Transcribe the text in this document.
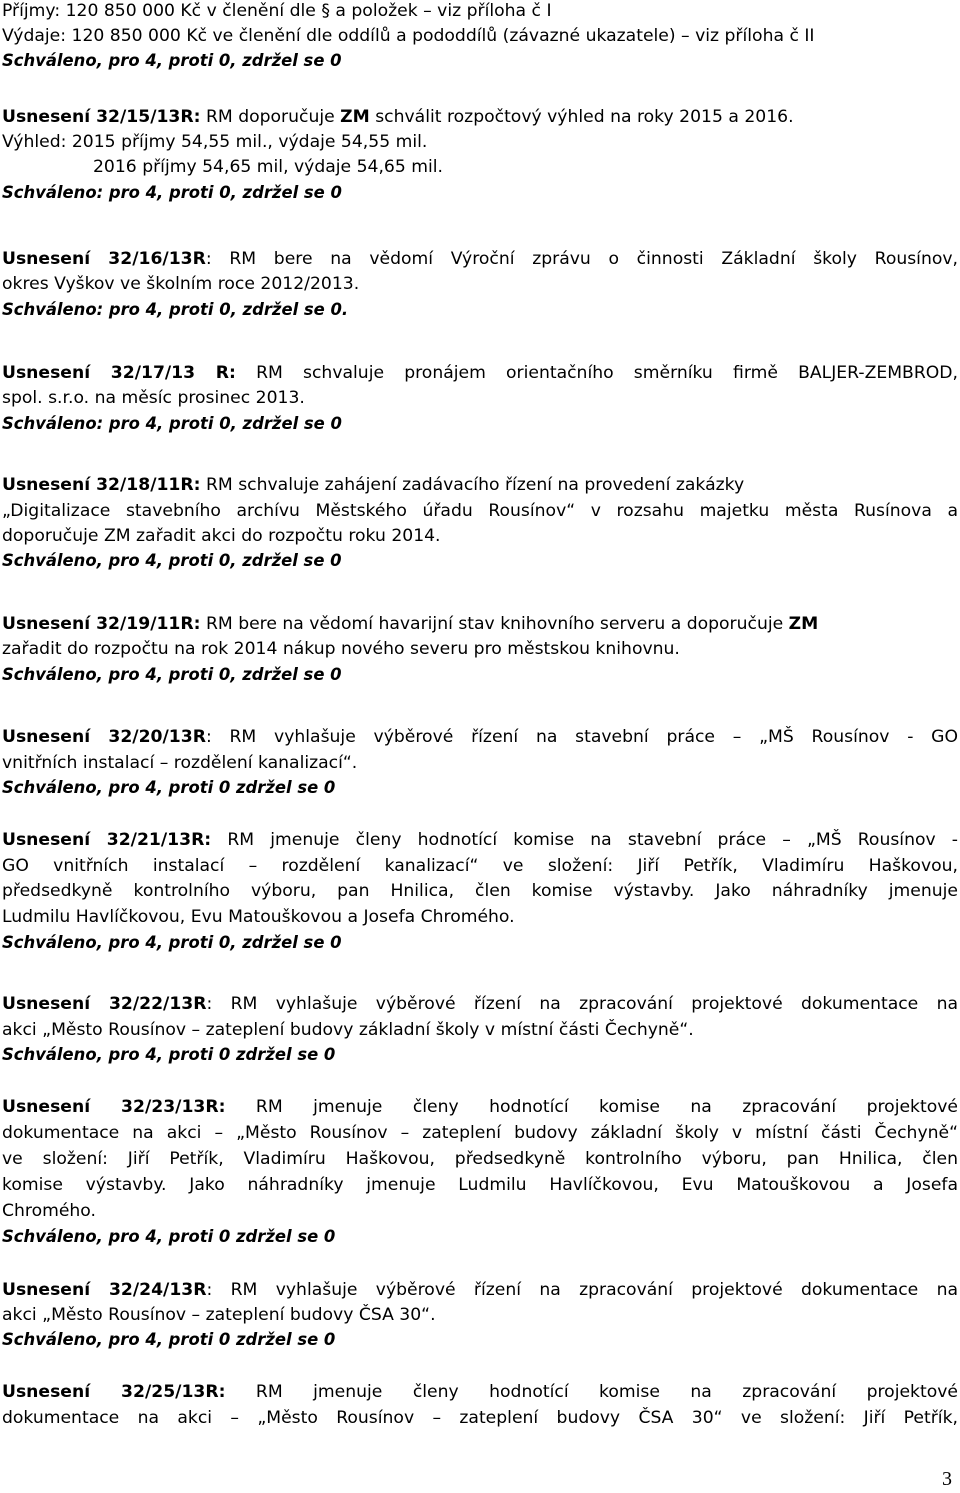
Příjmy: 120 850 000 Kč v členění dle § a položek – viz příloha č I
Výdaje: 120 850 000 Kč ve členění dle oddílů a pododdílů (závazné ukazatele) – viz příloha č II
Schváleno, pro 4, proti 0, zdržel se 0
Usnesení 32/15/13R: RM doporučuje ZM schválit rozpočtový výhled na roky 2015 a 2016.
Výhled: 2015 příjmy 54,55 mil., výdaje 54,55 mil.
2016 příjmy 54,65 mil, výdaje 54,65 mil.
Schváleno: pro 4, proti 0, zdržel se 0
Usnesení 32/16/13R: RM bere na vědomí Výroční zprávu o činnosti Základní školy Rousínov,
okres Vyškov ve školním roce 2012/2013.
Schváleno: pro 4, proti 0, zdržel se 0.
Usnesení 32/17/13 R: RM schvaluje pronájem orientačního směrníku firmě BALJER-ZEMBROD,
spol. s.r.o. na měsíc prosinec 2013.
Schváleno: pro 4, proti 0, zdržel se 0
Usnesení 32/18/11R: RM schvaluje zahájení zadávacího řízení na provedení zakázky
„Digitalizace stavebního archívu Městského úřadu Rousínov“ v rozsahu majetku města Rusínova a
doporučuje ZM zařadit akci do rozpočtu roku 2014.
Schváleno, pro 4, proti 0, zdržel se 0
Usnesení 32/19/11R: RM bere na vědomí havarijní stav knihovního serveru a doporučuje ZM
zařadit do rozpočtu na rok 2014 nákup nového severu pro městskou knihovnu.
Schváleno, pro 4, proti 0, zdržel se 0
Usnesení 32/20/13R: RM vyhlašuje výběrové řízení na stavební práce – „MŠ Rousínov - GO
vnitřních instalací – rozdělení kanalizací“.
Schváleno, pro 4, proti 0 zdržel se 0
Usnesení 32/21/13R: RM jmenuje členy hodnotící komise na stavební práce – „MŠ Rousínov -
GO vnitřních instalací – rozdělení kanalizací“ ve složení: Jiří Petřík, Vladimíru Haškovou,
předsedkyně kontrolního výboru, pan Hnilica, člen komise výstavby. Jako náhradníky jmenuje
Ludmilu Havlíčkovou, Evu Matouškovou a Josefa Chromého.
Schváleno, pro 4, proti 0, zdržel se 0
Usnesení 32/22/13R: RM vyhlašuje výběrové řízení na zpracování projektové dokumentace na
akci „Město Rousínov – zateplení budovy základní školy v místní části Čechyně“.
Schváleno, pro 4, proti 0 zdržel se 0
Usnesení 32/23/13R: RM jmenuje členy hodnotící komise na zpracování projektové
dokumentace na akci – „Město Rousínov – zateplení budovy základní školy v místní části Čechyně“
ve složení: Jiří Petřík, Vladimíru Haškovou, předsedkyně kontrolního výboru, pan Hnilica, člen
komise výstavby. Jako náhradníky jmenuje Ludmilu Havlíčkovou, Evu Matouškovou a Josefa
Chromého.
Schváleno, pro 4, proti 0 zdržel se 0
Usnesení 32/24/13R: RM vyhlašuje výběrové řízení na zpracování projektové dokumentace na
akci „Město Rousínov – zateplení budovy ČSA 30“.
Schváleno, pro 4, proti 0 zdržel se 0
Usnesení 32/25/13R: RM jmenuje členy hodnotící komise na zpracování projektové
dokumentace na akci – „Město Rousínov – zateplení budovy ČSA 30“ ve složení: Jiří Petřík,
3
